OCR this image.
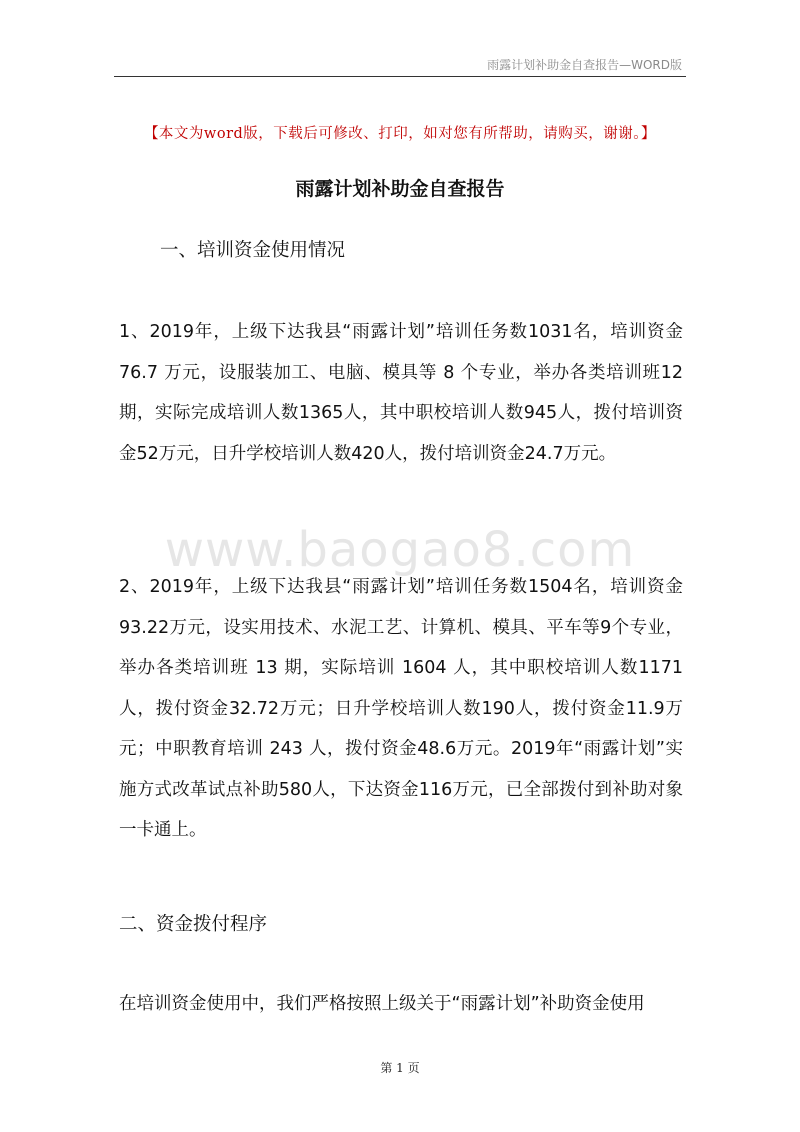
雨露计划补助金自查报告—WORD版
【本文为word版，下载后可修改、打印，如对您有所帮助，请购买，谢谢。】
雨露计划补助金自查报告
一、培训资金使用情况
1、2019年，上级下达我县“雨露计划”培训任务数1031名，培训资金76.7 万元，设服装加工、电脑、模具等 8 个专业，举办各类培训班12期，实际完成培训人数1365人，其中职校培训人数945人，拨付培训资金52万元，日升学校培训人数420人，拨付培训资金24.7万元。
www.baogao8.com
2、2019年，上级下达我县“雨露计划”培训任务数1504名，培训资金93.22万元，设实用技术、水泥工艺、计算机、模具、平车等9个专业，举办各类培训班 13 期，实际培训 1604 人，其中职校培训人数1171人，拨付资金32.72万元；日升学校培训人数190人，拨付资金11.9万元；中职教育培训 243 人，拨付资金48.6万元。2019年“雨露计划”实施方式改革试点补助580人，下达资金116万元，已全部拨付到补助对象一卡通上。
二、资金拨付程序
在培训资金使用中，我们严格按照上级关于“雨露计划”补助资金使用
第 1 页
